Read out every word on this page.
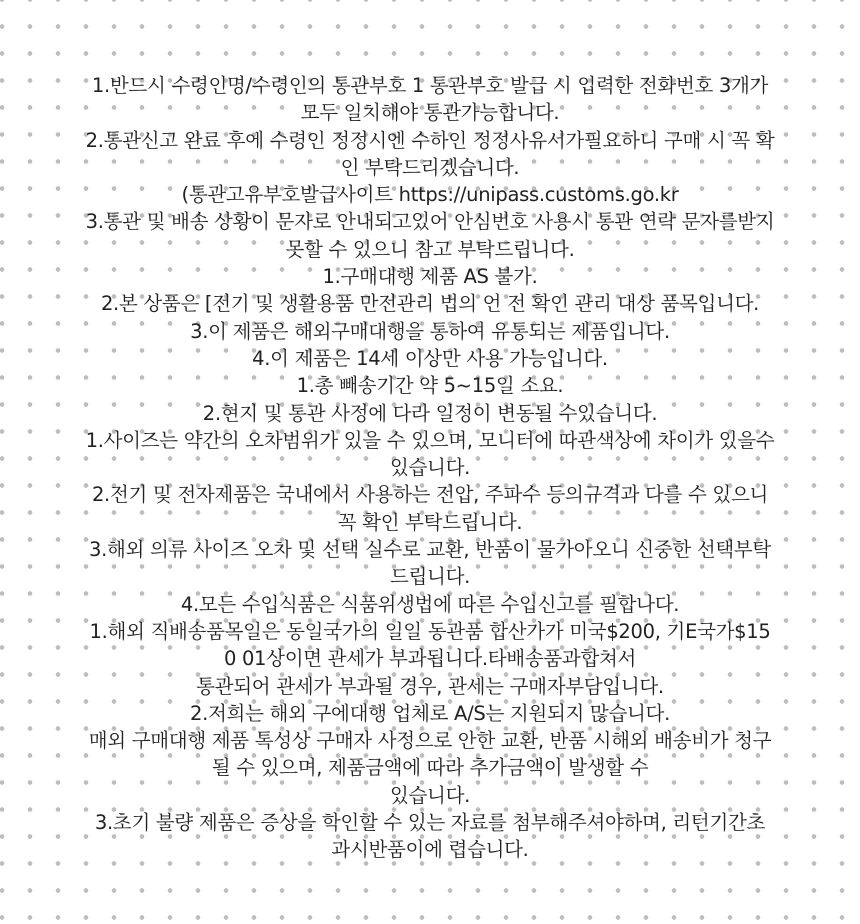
1.반드시 수령인명/수령인의 통관부호 1 통관부호 발급 시 입력한 전화번호 3개가
모두 일치해야 통관가능합니다.
2.통관신고 완료 후에 수령인 정정시엔 수하인 정정사유서가필요하니 구매 시 꼭 확
인 부탁드리겠습니다.
(통관고유부호발급사이트 https://unipass.customs.go.kr
3.통관 및 배송 상황이 문자로 안내되고있어 안심번호 사용시 통관 연락 문자를받지
못할 수 있으니 참고 부탁드립니다.
1.구매대행 제품 AS 불가.
2.본 상품은 [전기 및 생활용품 만전관리 법의 언 전 확인 관리 대상 품목입니다.
3.이 제품은 해외구매대행을 통하여 유통되는 제품입니다.
4.이 제품은 14세 이상만 사용 가능입니다.
1.총 빼송기간 약 5~15일 소요.
2.현지 및 통관 사정에 다라 일정이 변동될 수있습니다.
1.사이즈는 약간의 오차범위가 있을 수 있으며, 모니터에 따관색상에 차이가 있을수
있습니다.
2.전기 및 전자제품은 국내에서 사용하는 전압, 주파수 등의규격과 다를 수 있으니
꼭 확인 부탁드립니다.
3.해외 의류 사이즈 오차 및 선택 실수로 교환, 반품이 물가아오니 신중한 선택부탁
드립니다.
4.모든 수입식품은 식품위생법에 따른 수입신고를 필합나다.
1.해외 직배송품목일은 동일국가의 일일 동관품 합산가가 미국$200, 기E국가$15
0 01상이면 관세가 부과됩니다.타배송품과합쳐서
통관되어 관세가 부과될 경우, 관세는 구매자부담입니다.
2.저희는 해외 구에대행 업체로 A/S는 지원되지 많습니다.
매외 구매대행 제품 톡성상 구매자 사정으로 안한 교환, 반품 시해외 배송비가 청구
될 수 있으며, 제품금액에 따라 추가금액이 발생할 수
있습니다.
3.초기 불량 제품은 증상을 학인할 수 있는 자료를 첨부해주셔야하며, 리턴기간초
과시반품이에 렵습니다.
